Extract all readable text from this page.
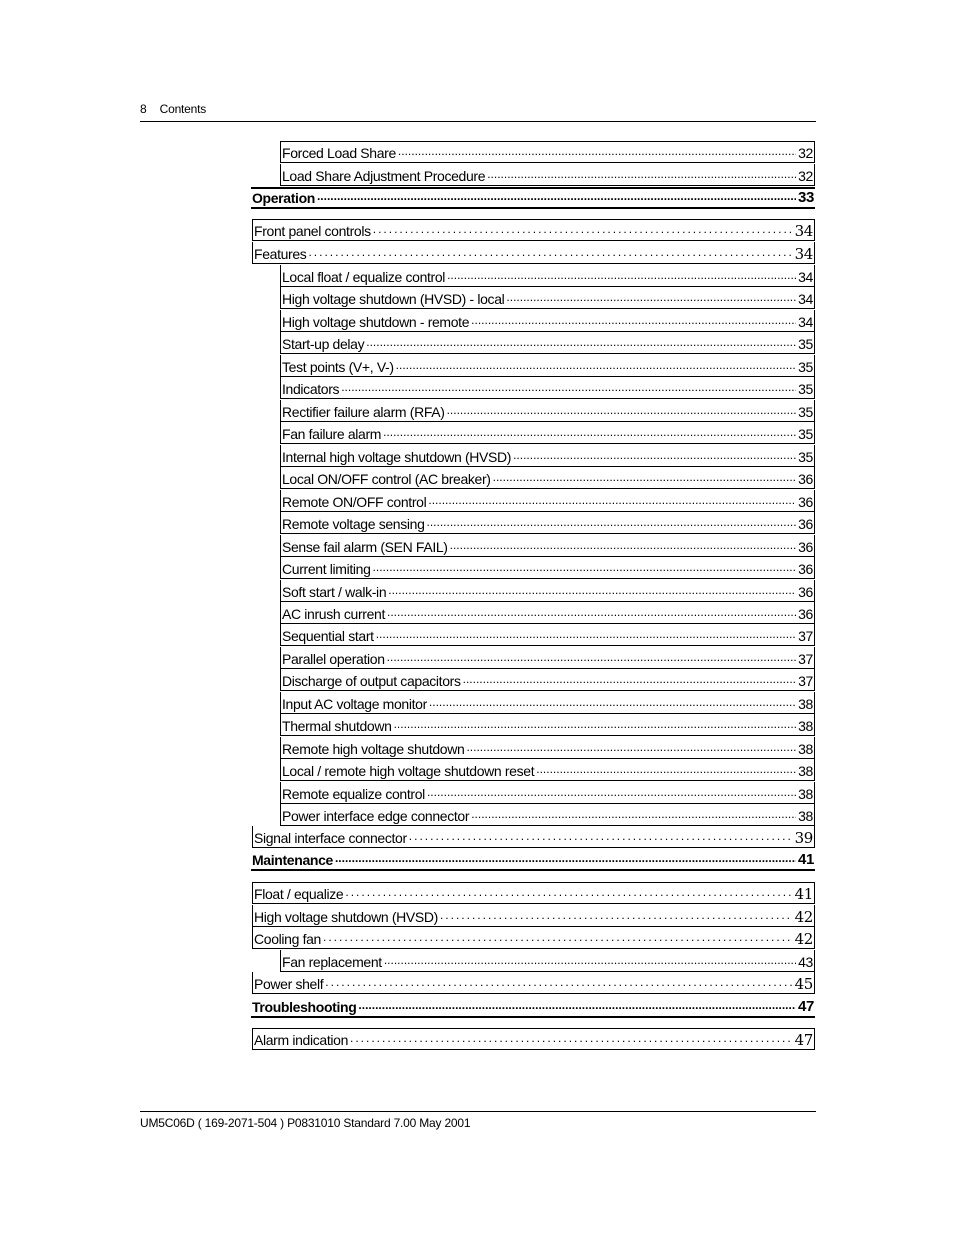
8 Contents
Forced Load Share .....	32
Load Share Adjustment Procedure .....	32
Operation .....	33
Front panel controls .....	34
Features .....	34
Local float / equalize control .....	34
High voltage shutdown (HVSD) - local .....	34
High voltage shutdown - remote .....	34
Start-up delay .....	35
Test points (V+, V-) .....	35
Indicators .....	35
Rectifier failure alarm (RFA) .....	35
Fan failure alarm .....	35
Internal high voltage shutdown (HVSD) .....	35
Local ON/OFF control (AC breaker) .....	36
Remote ON/OFF control .....	36
Remote voltage sensing .....	36
Sense fail alarm (SEN FAIL) .....	36
Current limiting .....	36
Soft start / walk-in .....	36
AC inrush current .....	36
Sequential start .....	37
Parallel operation .....	37
Discharge of output capacitors .....	37
Input AC voltage monitor .....	38
Thermal shutdown .....	38
Remote high voltage shutdown .....	38
Local / remote high voltage shutdown reset .....	38
Remote equalize control .....	38
Power interface edge connector .....	38
Signal interface connector .....	39
Maintenance .....	41
Float / equalize .....	41
High voltage shutdown (HVSD) .....	42
Cooling fan .....	42
Fan replacement .....	43
Power shelf .....	45
Troubleshooting .....	47
Alarm indication .....	47
UM5C06D ( 169-2071-504 ) P0831010 Standard 7.00 May 2001
